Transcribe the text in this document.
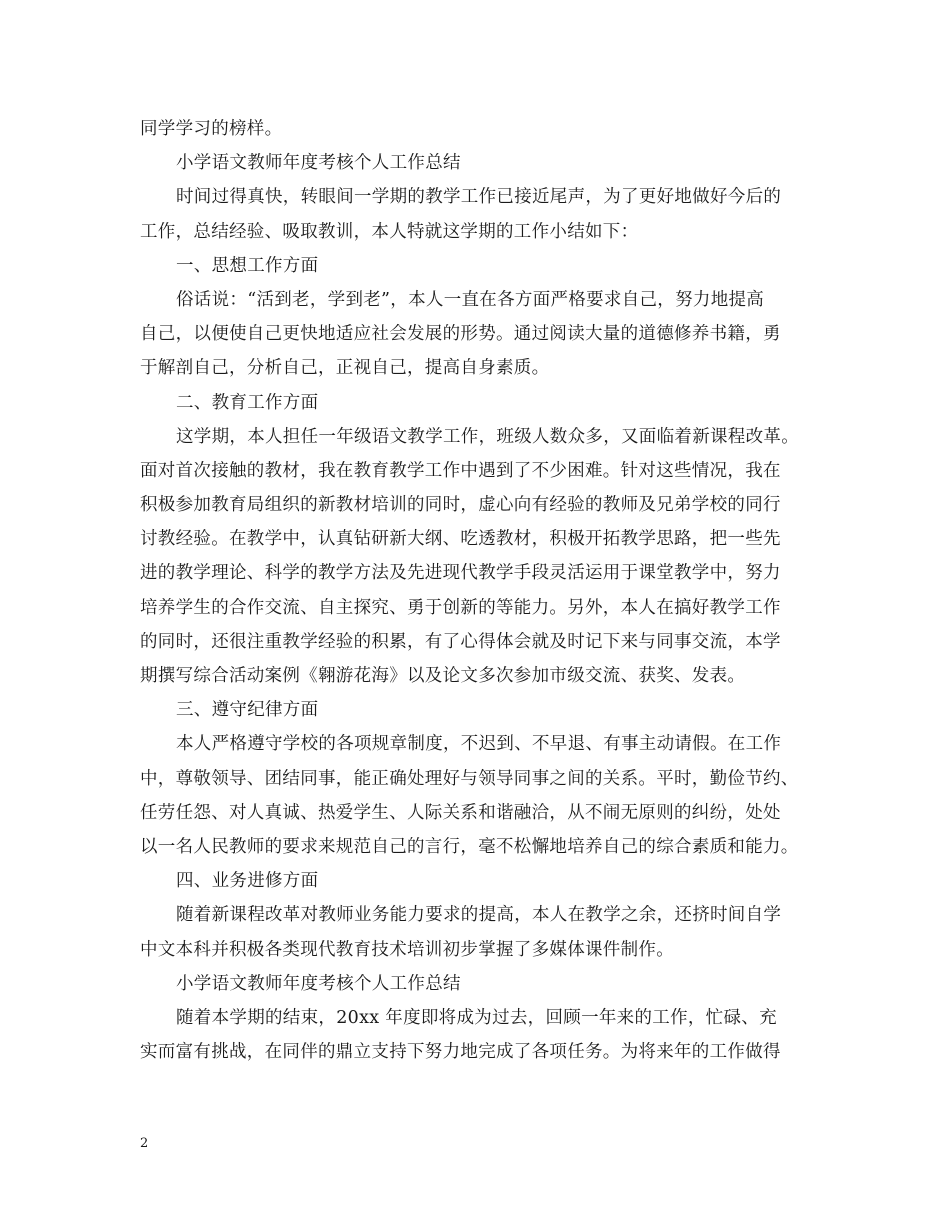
同学学习的榜样。
小学语文教师年度考核个人工作总结
时间过得真快，转眼间一学期的教学工作已接近尾声，为了更好地做好今后的
工作，总结经验、吸取教训，本人特就这学期的工作小结如下：
一、思想工作方面
俗话说：“活到老，学到老”，本人一直在各方面严格要求自己，努力地提高
自己，以便使自己更快地适应社会发展的形势。通过阅读大量的道德修养书籍，勇
于解剖自己，分析自己，正视自己，提高自身素质。
二、教育工作方面
这学期，本人担任一年级语文教学工作，班级人数众多，又面临着新课程改革。
面对首次接触的教材，我在教育教学工作中遇到了不少困难。针对这些情况，我在
积极参加教育局组织的新教材培训的同时，虚心向有经验的教师及兄弟学校的同行
讨教经验。在教学中，认真钻研新大纲、吃透教材，积极开拓教学思路，把一些先
进的教学理论、科学的教学方法及先进现代教学手段灵活运用于课堂教学中，努力
培养学生的合作交流、自主探究、勇于创新的等能力。另外，本人在搞好教学工作
的同时，还很注重教学经验的积累，有了心得体会就及时记下来与同事交流，本学
期撰写综合活动案例《翱游花海》以及论文多次参加市级交流、获奖、发表。
三、遵守纪律方面
本人严格遵守学校的各项规章制度，不迟到、不早退、有事主动请假。在工作
中，尊敬领导、团结同事，能正确处理好与领导同事之间的关系。平时，勤俭节约、
任劳任怨、对人真诚、热爱学生、人际关系和谐融洽，从不闹无原则的纠纷，处处
以一名人民教师的要求来规范自己的言行，毫不松懈地培养自己的综合素质和能力。
四、业务进修方面
随着新课程改革对教师业务能力要求的提高，本人在教学之余，还挤时间自学
中文本科并积极各类现代教育技术培训初步掌握了多媒体课件制作。
小学语文教师年度考核个人工作总结
随着本学期的结束，20xx 年度即将成为过去，回顾一年来的工作，忙碌、充
实而富有挑战，在同伴的鼎立支持下努力地完成了各项任务。为将来年的工作做得
2
